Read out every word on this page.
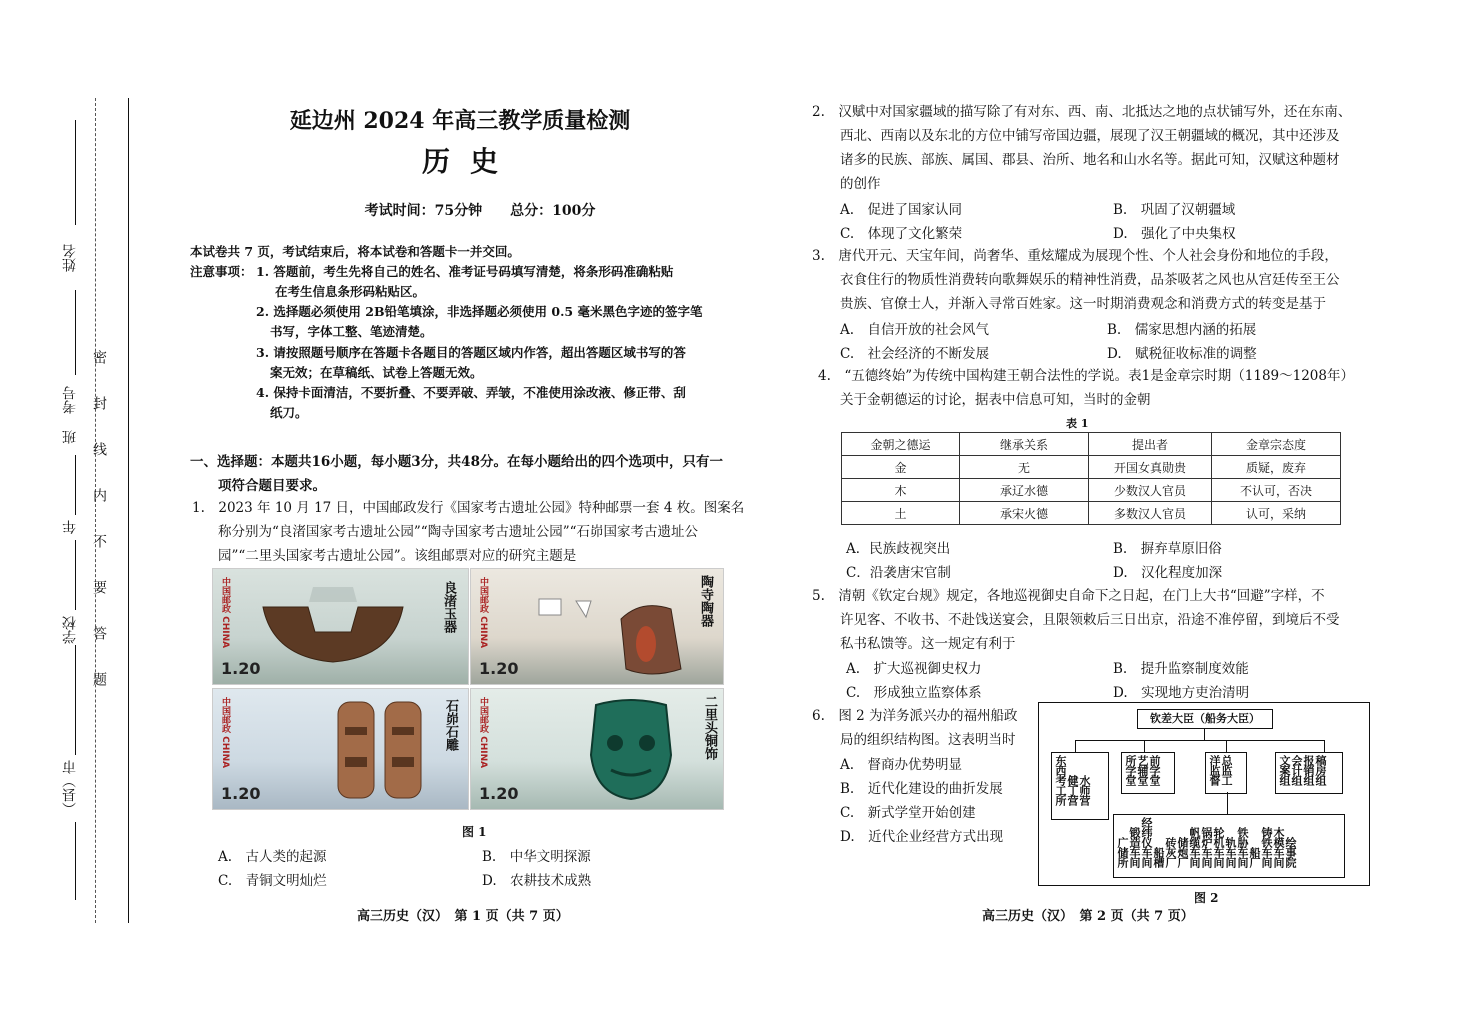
姓名
考号
班
年
学校
（县）市
密封线内不要答题
延边州 2024 年高三教学质量检测
历史
考试时间：75分钟　　总分：100分
本试卷共 7 页，考试结束后，将本试卷和答题卡一并交回。
注意事项： 1. 答题前，考生先将自己的姓名、准考证号码填写清楚，将条形码准确粘贴
在考生信息条形码粘贴区。
2. 选择题必须使用 2B铅笔填涂，非选择题必须使用 0.5 毫米黑色字迹的签字笔
书写，字体工整、笔迹清楚。
3. 请按照题号顺序在答题卡各题目的答题区域内作答，超出答题区域书写的答
案无效；在草稿纸、试卷上答题无效。
4. 保持卡面清洁，不要折叠、不要弄破、弄皱，不准使用涂改液、修正带、刮
纸刀。
一、选择题：本题共16小题，每小题3分，共48分。在每小题给出的四个选项中，只有一
项符合题目要求。
1.　2023 年 10 月 17 日，中国邮政发行《国家考古遗址公园》特种邮票一套 4 枚。图案名
称分别为“良渚国家考古遗址公园”“陶寺国家考古遗址公园”“石峁国家考古遗址公
园”“二里头国家考古遗址公园”。该组邮票对应的研究主题是
中国邮政 CHINA	良渚玉器
1.20
中国邮政 CHINA	陶寺陶器
1.20
中国邮政 CHINA	石峁石雕
1.20
中国邮政 CHINA	二里头铜饰
1.20
图 1
A.　古人类的起源	B.　中华文明探源
C.　青铜文明灿烂	D.　农耕技术成熟
高三历史（汉）　第 1 页（共 7 页）
2.　汉赋中对国家疆域的描写除了有对东、西、南、北抵达之地的点状铺写外，还在东南、
西北、西南以及东北的方位中铺写帝国边疆，展现了汉王朝疆域的概况，其中还涉及
诸多的民族、部族、属国、郡县、治所、地名和山水名等。据此可知，汉赋这种题材
的创作
A.　促进了国家认同	B.　巩固了汉朝疆域
C.　体现了文化繁荣	D.　强化了中央集权
3.　唐代开元、天宝年间，尚奢华、重炫耀成为展现个性、个人社会身份和地位的手段，
衣食住行的物质性消费转向歌舞娱乐的精神性消费，品茶吸茗之风也从宫廷传至王公
贵族、官僚士人，并渐入寻常百姓家。这一时期消费观念和消费方式的转变是基于
A.　自信开放的社会风气	B.　儒家思想内涵的拓展
C.　社会经济的不断发展	D.　赋税征收标准的调整
4.　“五德终始”为传统中国构建王朝合法性的学说。表1是金章宗时期（1189～1208年）
关于金朝德运的讨论，据表中信息可知，当时的金朝
表 1
金朝之德运	继承关系	提出者	金章宗态度
金	无	开国女真勋贵	质疑，废弃
木	承辽水德	少数汉人官员	不认可，否决
土	承宋火德	多数汉人官员	认可，采纳
A．民族歧视突出	B.　摒弃草原旧俗
C．沿袭唐宋官制	D.　汉化程度加深
5.　清朝《钦定台规》规定，各地巡视御史自命下之日起，在门上大书“回避”字样，不
许见客、不收书、不赴饯送宴会，且限领敕后三日出京，沿途不准停留，到境后不受
私书私馈等。这一规定有利于
A.　扩大巡视御史权力	B.　提升监察制度效能
C.　形成独立监察体系	D.　实现地方吏治清明
6.　图 2 为洋务派兴办的福州船政
局的组织结构图。这表明当时
A.　督商办优势明显
B.　近代化建设的曲折发展
C.　新式学堂开始创建
D.　近代企业经营方式出现
钦差大臣（船务大臣）
东西考工所健丁营水师营
所学堂艺辅堂前学堂	洋监督总监工	文案组会计组报销组稿房组
广储所锻造车间经纬仪车间船槽砖灰厂储炮厂帆缆车间锅炉车间轮机车间轨车间铁胁车间船厂铸铁车间木模车间绘事院
图 2
高三历史（汉）　第 2 页（共 7 页）
